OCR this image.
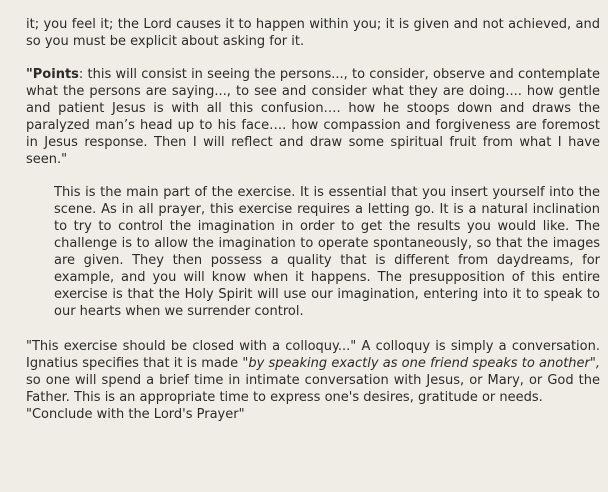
it; you feel it; the Lord causes it to happen within you; it is given and not achieved, and so you must be explicit about asking for it.

"Points: this will consist in seeing the persons..., to consider, observe and contemplate what the persons are saying..., to see and consider what they are doing.... how gentle and patient Jesus is with all this confusion…. how he stoops down and draws the paralyzed man’s head up to his face…. how compassion and forgiveness are foremost in Jesus response. Then I will reflect and draw some spiritual fruit from what I have seen."

This is the main part of the exercise. It is essential that you insert yourself into the scene. As in all prayer, this exercise requires a letting go. It is a natural inclination to try to control the imagination in order to get the results you would like. The challenge is to allow the imagination to operate spontaneously, so that the images are given. They then possess a quality that is different from daydreams, for example, and you will know when it happens. The presupposition of this entire exercise is that the Holy Spirit will use our imagination, entering into it to speak to our hearts when we surrender control.

"This exercise should be closed with a colloquy..." A colloquy is simply a conversation. Ignatius specifies that it is made "by speaking exactly as one friend speaks to another", so one will spend a brief time in intimate conversation with Jesus, or Mary, or God the Father. This is an appropriate time to express one's desires, gratitude or needs.

"Conclude with the Lord's Prayer"
